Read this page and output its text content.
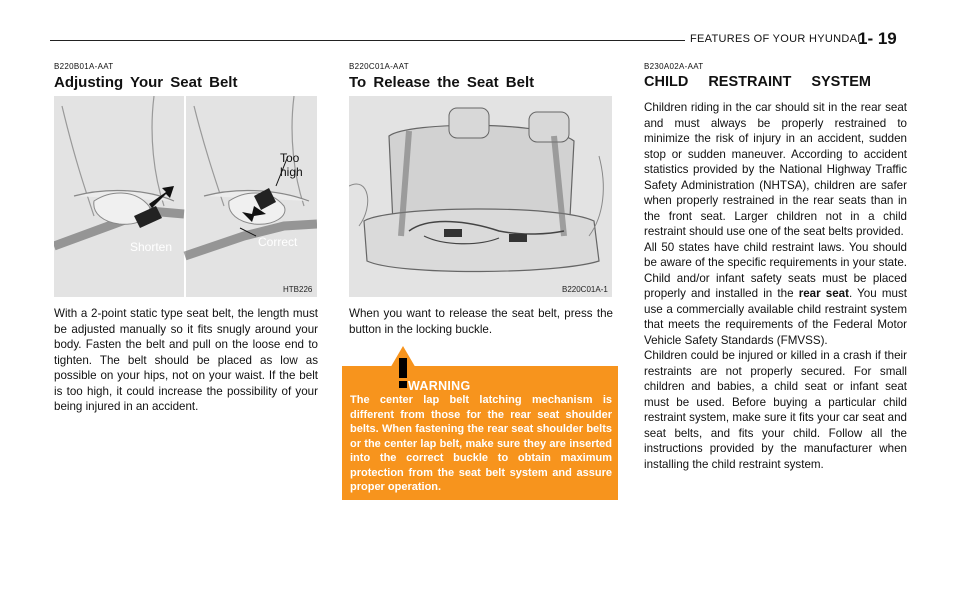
FEATURES OF YOUR HYUNDAI
1- 19
B220B01A-AAT
Adjusting Your Seat Belt
Too
high
Shorten	Correct
HTB226

With a 2-point static type seat belt, the length must be adjusted manually so it fits snugly around your body. Fasten the belt and pull on the loose end to tighten. The belt should be placed as low as possible on your hips, not on your waist. If the belt is too high, it could increase the possibility of your being injured in an accident.

B220C01A-AAT
To Release the Seat Belt
B220C01A-1

When you want to release the seat belt, press the button in the locking buckle.

WARNING
The center lap belt latching mechanism is different from those for the rear seat shoulder belts. When fastening the rear seat shoulder belts or the center lap belt, make sure they are inserted into the correct buckle to obtain maximum protection from the seat belt system and assure proper operation.
B230A02A-AAT
CHILD RESTRAINT SYSTEM

Children riding in the car should sit in the rear seat and must always be properly restrained to minimize the risk of injury in an accident, sudden stop or sudden maneuver. According to accident statistics provided by the National Highway Traffic Safety Administration (NHTSA), children are safer when properly restrained in the rear seats than in the front seat. Larger children not in a child restraint should use one of the seat belts provided.

All 50 states have child restraint laws. You should be aware of the specific requirements in your state. Child and/or infant safety seats must be placed properly and installed in the rear seat. You must use a commercially available child restraint system that meets the requirements of the Federal Motor Vehicle Safety Standards (FMVSS).

Children could be injured or killed in a crash if their restraints are not properly secured. For small children and babies, a child seat or infant seat must be used. Before buying a particular child restraint system, make sure it fits your car seat and seat belts, and fits your child. Follow all the instructions provided by the manufacturer when installing the child restraint system.
